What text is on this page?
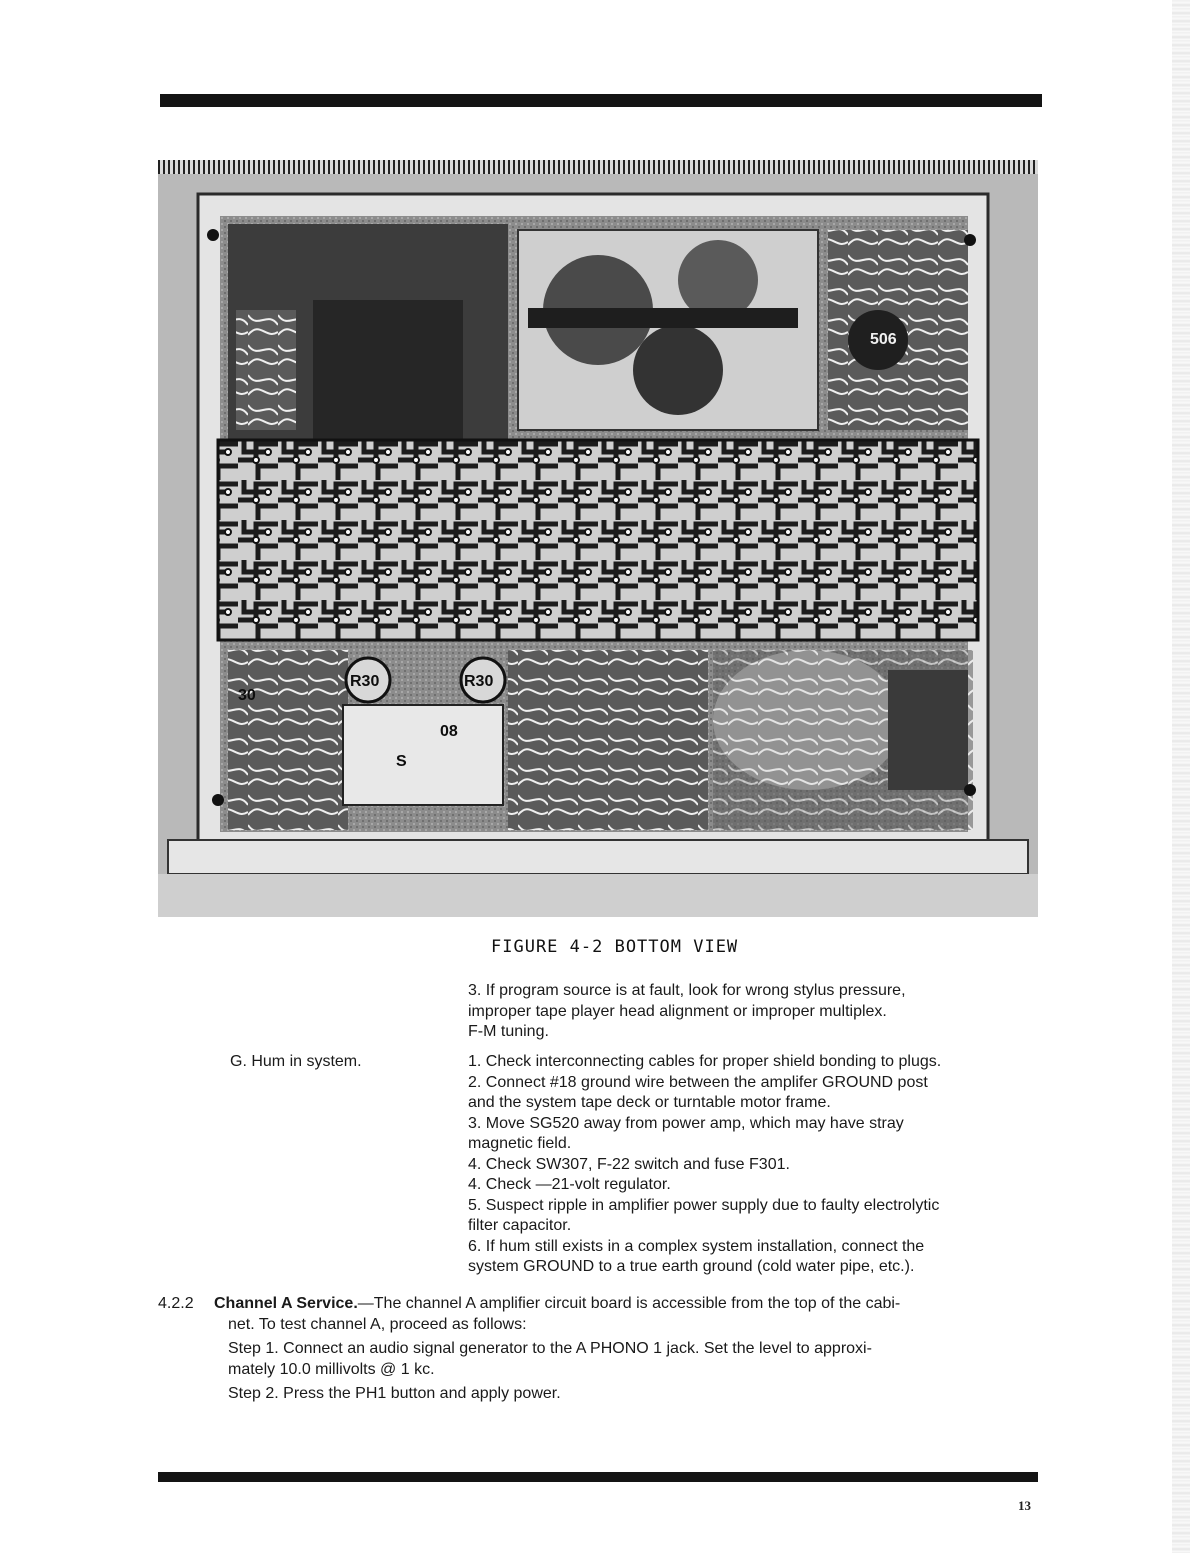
R30	R30
S
08
30
506
FIGURE 4-2 BOTTOM VIEW
3. If program source is at fault, look for wrong stylus pressure,
improper tape player head alignment or improper multiplex.
F-M tuning.
G. Hum in system.	1. Check interconnecting cables for proper shield bonding to plugs.
2. Connect #18 ground wire between the amplifer GROUND post
and the system tape deck or turntable motor frame.
3. Move SG520 away from power amp, which may have stray
magnetic field.
4. Check SW307, F-22 switch and fuse F301.
4. Check —21-volt regulator.
5. Suspect ripple in amplifier power supply due to faulty electrolytic
filter capacitor.
6. If hum still exists in a complex system installation, connect the
system GROUND to a true earth ground (cold water pipe, etc.).
4.2.2	Channel A Service.—The channel A amplifier circuit board is accessible from the top of the cabi-
net. To test channel A, proceed as follows:
Step 1. Connect an audio signal generator to the A PHONO 1 jack. Set the level to approxi-
mately 10.0 millivolts @ 1 kc.
Step 2. Press the PH1 button and apply power.
13
